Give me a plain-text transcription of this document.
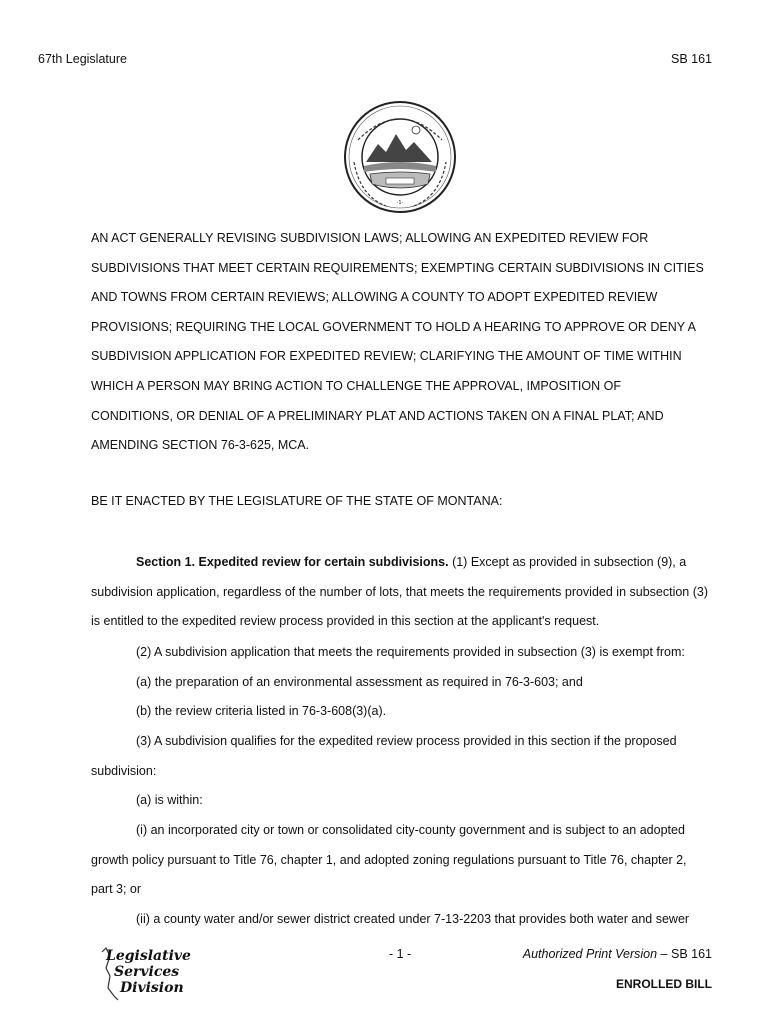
67th Legislature	SB 161
·1·

AN ACT GENERALLY REVISING SUBDIVISION LAWS; ALLOWING AN EXPEDITED REVIEW FOR

SUBDIVISIONS THAT MEET CERTAIN REQUIREMENTS; EXEMPTING CERTAIN SUBDIVISIONS IN CITIES

AND TOWNS FROM CERTAIN REVIEWS; ALLOWING A COUNTY TO ADOPT EXPEDITED REVIEW

PROVISIONS; REQUIRING THE LOCAL GOVERNMENT TO HOLD A HEARING TO APPROVE OR DENY A

SUBDIVISION APPLICATION FOR EXPEDITED REVIEW; CLARIFYING THE AMOUNT OF TIME WITHIN

WHICH A PERSON MAY BRING ACTION TO CHALLENGE THE APPROVAL, IMPOSITION OF

CONDITIONS, OR DENIAL OF A PRELIMINARY PLAT AND ACTIONS TAKEN ON A FINAL PLAT; AND

AMENDING SECTION 76-3-625, MCA.

BE IT ENACTED BY THE LEGISLATURE OF THE STATE OF MONTANA:
Section 1. Expedited review for certain subdivisions. (1) Except as provided in subsection (9), a
subdivision application, regardless of the number of lots, that meets the requirements provided in subsection (3)
is entitled to the expedited review process provided in this section at the applicant's request.
(2) A subdivision application that meets the requirements provided in subsection (3) is exempt from:
(a) the preparation of an environmental assessment as required in 76-3-603; and
(b) the review criteria listed in 76-3-608(3)(a).
(3) A subdivision qualifies for the expedited review process provided in this section if the proposed
subdivision:
(a) is within:
(i) an incorporated city or town or consolidated city-county government and is subject to an adopted
growth policy pursuant to Title 76, chapter 1, and adopted zoning regulations pursuant to Title 76, chapter 2,
part 3; or
(ii) a county water and/or sewer district created under 7-13-2203 that provides both water and sewer
Legislative
Services
Division
- 1 -	Authorized Print Version – SB 161
ENROLLED BILL
